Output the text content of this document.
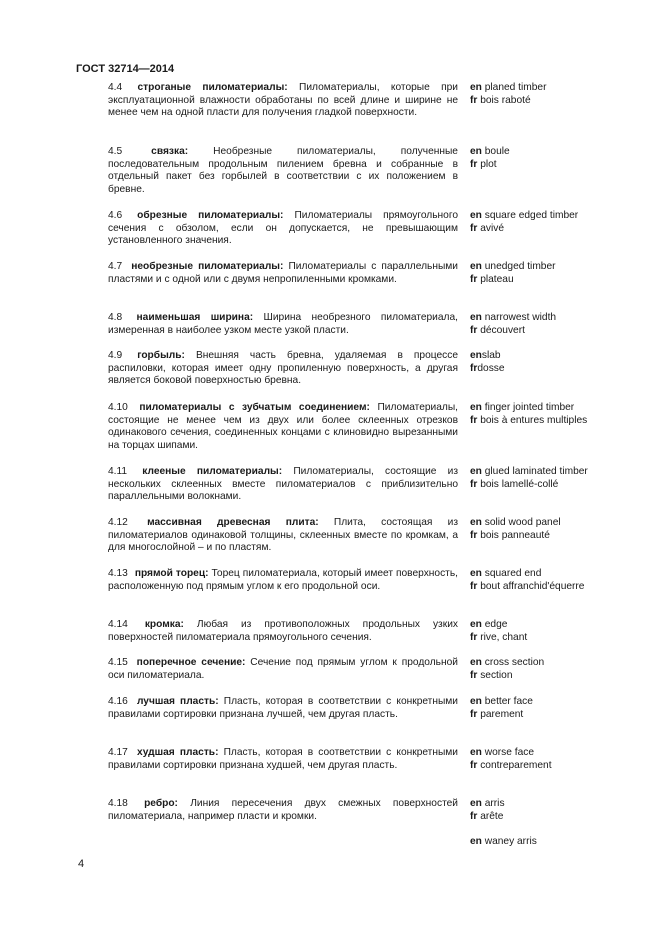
ГОСТ 32714—2014
4.4 строганые пиломатериалы: Пиломатериалы, которые при эксплуатационной влажности обработаны по всей длине и ширине не менее чем на одной пласти для получения гладкой поверхности.
en planed timber
fr bois raboté
4.5	связка: Необрезные пиломатериалы, полученные последовательным продольным пилением бревна и собранные в отдельный пакет без горбылей в соответствии с их положением в бревне.
en boule
fr plot
4.6 обрезные пиломатериалы: Пиломатериалы прямоугольного сечения с обзолом, если он допускается, не превышающим установленного значения.
en square edged timber
fr avivé
4.7 необрезные пиломатериалы: Пиломатериалы с параллельными пластями и с одной или с двумя непропиленными кромками.
en unedged timber
fr plateau
4.8 наименьшая ширина: Ширина необрезного пиломатериала, измеренная в наиболее узком месте узкой пласти.
en narrowest width
fr découvert
4.9 горбыль: Внешняя часть бревна, удаляемая в процессе распиловки, которая имеет одну пропиленную поверхность, а другая является боковой поверхностью бревна.
enslab
frdosse
4.10 пиломатериалы с зубчатым соединением: Пиломатериалы, состоящие не менее чем из двух или более склеенных отрезков одинакового сечения, соединенных концами с клиновидно вырезанными на торцах шипами.
en finger jointed timber
fr bois à entures multiples
4.11 клееные пиломатериалы: Пиломатериалы, состоящие из нескольких склеенных вместе пиломатериалов с приблизительно параллельными волокнами.
en glued laminated timber
fr bois lamellé-collé
4.12 массивная древесная плита: Плита, состоящая из пиломатериалов одинаковой толщины, склеенных вместе по кромкам, а для многослойной – и по пластям.
en solid wood panel
fr bois panneauté
4.13 прямой торец: Торец пиломатериала, который имеет поверхность, расположенную под прямым углом к его продольной оси.
en squared end
fr bout affranchid'équerre
4.14 кромка: Любая из противоположных продольных узких поверхностей пиломатериала прямоугольного сечения.
en edge
fr rive, chant
4.15 поперечное сечение: Сечение под прямым углом к продольной оси пиломатериала.
en cross section
fr section
4.16 лучшая пласть: Пласть, которая в соответствии с конкретными правилами сортировки признана лучшей, чем другая пласть.
en better face
fr parement
4.17 худшая пласть: Пласть, которая в соответствии с конкретными правилами сортировки признана худшей, чем другая пласть.
en worse face
fr contreparement
4.18 ребро: Линия пересечения двух смежных поверхностей пиломатериала, например пласти и кромки.
en arris
fr arête
en waney arris
4
